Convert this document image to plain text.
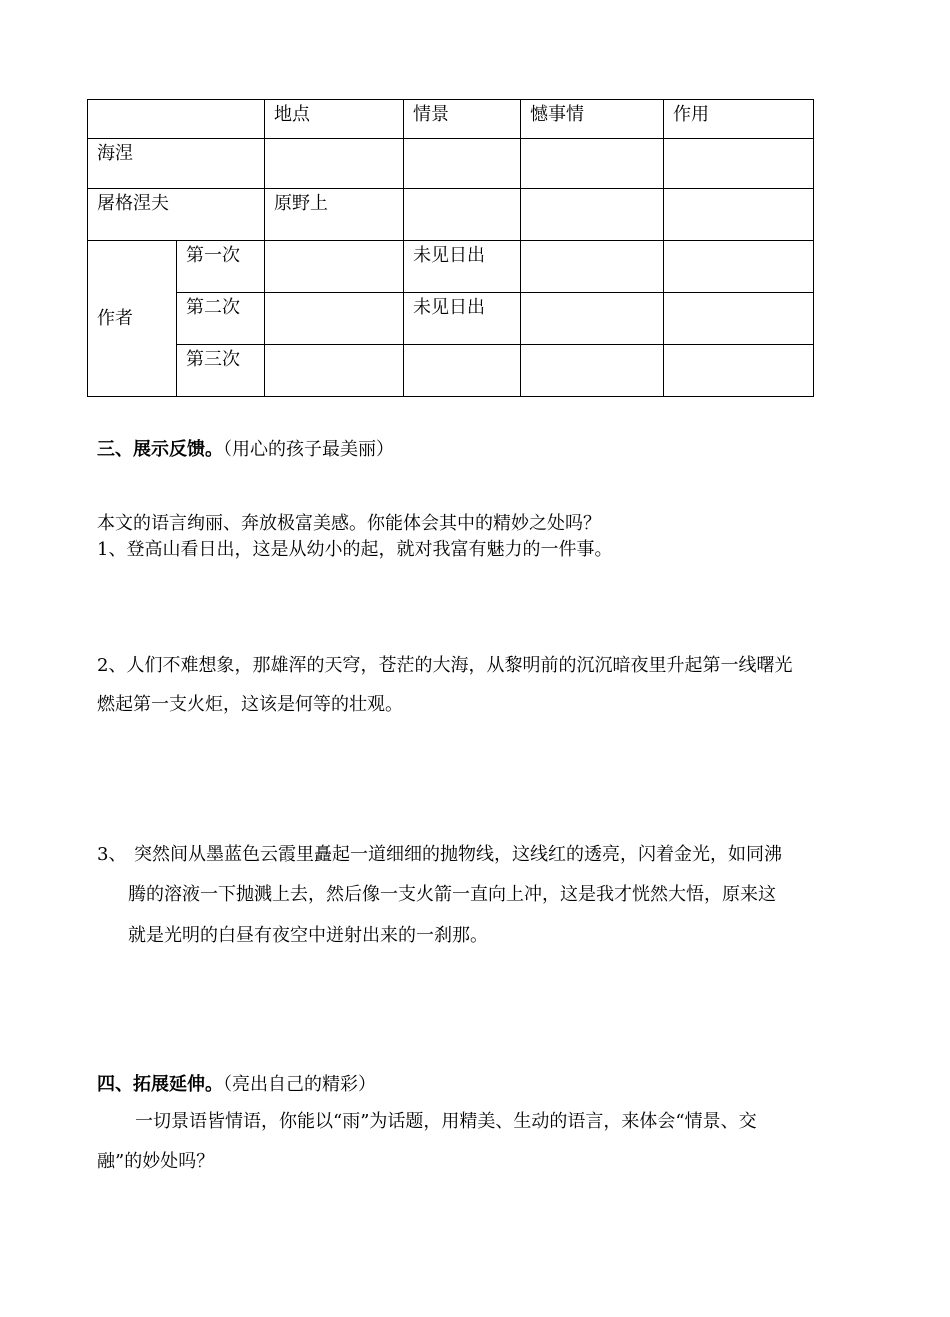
		地点	情景	憾事情	作用
海涅					
屠格涅夫		原野上			
作者	第一次		未见日出		
	第二次		未见日出		
	第三次				
三、展示反馈。（用心的孩子最美丽）
本文的语言绚丽、奔放极富美感。你能体会其中的精妙之处吗？
1、登高山看日出，这是从幼小的起，就对我富有魅力的一件事。
2、人们不难想象，那雄浑的天穹，苍茫的大海，从黎明前的沉沉暗夜里升起第一线曙光
燃起第一支火炬，这该是何等的壮观。
3、 突然间从墨蓝色云霞里矗起一道细细的抛物线，这线红的透亮，闪着金光，如同沸
腾的溶液一下抛溅上去，然后像一支火箭一直向上冲，这是我才恍然大悟，原来这
就是光明的白昼有夜空中迸射出来的一刹那。
四、拓展延伸。（亮出自己的精彩）
一切景语皆情语，你能以“雨”为话题，用精美、生动的语言，来体会“情景、交
融”的妙处吗？
